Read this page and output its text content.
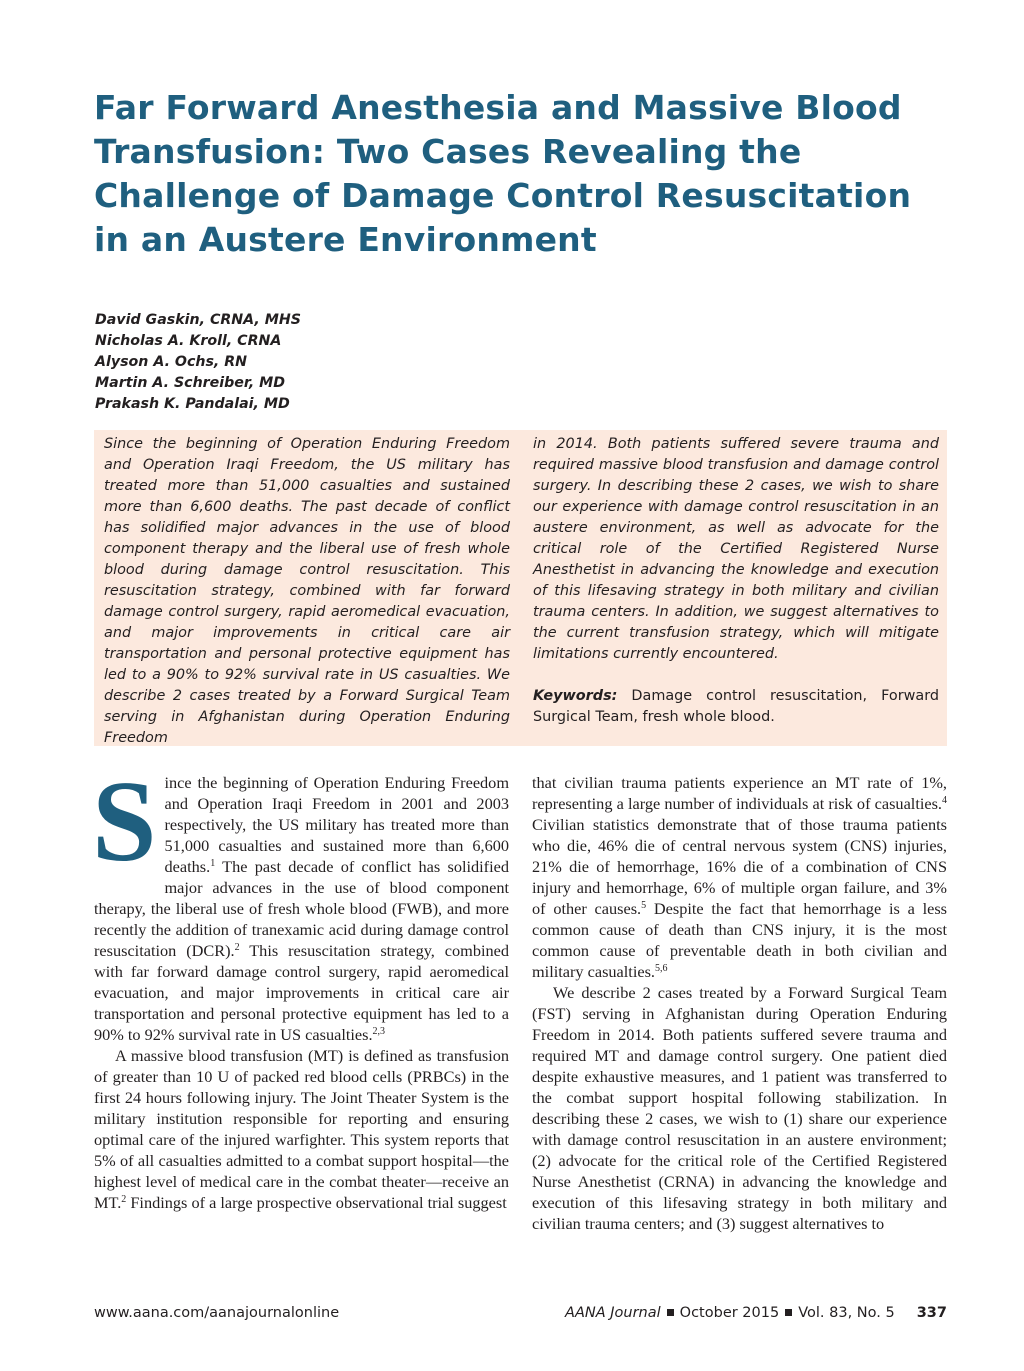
Far Forward Anesthesia and Massive Blood Transfusion: Two Cases Revealing the Challenge of Damage Control Resuscitation in an Austere Environment
David Gaskin, CRNA, MHS
Nicholas A. Kroll, CRNA
Alyson A. Ochs, RN
Martin A. Schreiber, MD
Prakash K. Pandalai, MD
Since the beginning of Operation Enduring Freedom and Operation Iraqi Freedom, the US military has treated more than 51,000 casualties and sustained more than 6,600 deaths. The past decade of conflict has solidified major advances in the use of blood component therapy and the liberal use of fresh whole blood during damage control resuscitation. This resuscitation strategy, combined with far forward damage control surgery, rapid aeromedical evacuation, and major improvements in critical care air transportation and personal protective equipment has led to a 90% to 92% survival rate in US casualties. We describe 2 cases treated by a Forward Surgical Team serving in Afghanistan during Operation Enduring Freedom
in 2014. Both patients suffered severe trauma and required massive blood transfusion and damage control surgery. In describing these 2 cases, we wish to share our experience with damage control resuscitation in an austere environment, as well as advocate for the critical role of the Certified Registered Nurse Anesthetist in advancing the knowledge and execution of this lifesaving strategy in both military and civilian trauma centers. In addition, we suggest alternatives to the current transfusion strategy, which will mitigate limitations currently encountered.
Keywords: Damage control resuscitation, Forward Surgical Team, fresh whole blood.

Since the beginning of Operation Enduring Freedom and Operation Iraqi Freedom in 2001 and 2003 respectively, the US military has treated more than 51,000 casualties and sustained more than 6,600 deaths.$^1$ The past decade of conflict has solidified major advances in the use of blood component therapy, the liberal use of fresh whole blood (FWB), and more recently the addition of tranexamic acid during damage control resuscitation (DCR).$^2$ This resuscitation strategy, combined with far forward damage control surgery, rapid aeromedical evacuation, and major improvements in critical care air transportation and personal protective equipment has led to a 90% to 92% survival rate in US casualties.$^{2,3}$

A massive blood transfusion (MT) is defined as transfusion of greater than 10 U of packed red blood cells (PRBCs) in the first 24 hours following injury. The Joint Theater System is the military institution responsible for reporting and ensuring optimal care of the injured warfighter. This system reports that 5% of all casualties admitted to a combat support hospital—the highest level of medical care in the combat theater—receive an MT.$^2$ Findings of a large prospective observational trial suggest

that civilian trauma patients experience an MT rate of 1%, representing a large number of individuals at risk of casualties.$^4$ Civilian statistics demonstrate that of those trauma patients who die, 46% die of central nervous system (CNS) injuries, 21% die of hemorrhage, 16% die of a combination of CNS injury and hemorrhage, 6% of multiple organ failure, and 3% of other causes.$^5$ Despite the fact that hemorrhage is a less common cause of death than CNS injury, it is the most common cause of preventable death in both civilian and military casualties.$^{5,6}$

We describe 2 cases treated by a Forward Surgical Team (FST) serving in Afghanistan during Operation Enduring Freedom in 2014. Both patients suffered severe trauma and required MT and damage control surgery. One patient died despite exhaustive measures, and 1 patient was transferred to the combat support hospital following stabilization. In describing these 2 cases, we wish to (1) share our experience with damage control resuscitation in an austere environment; (2) advocate for the critical role of the Certified Registered Nurse Anesthetist (CRNA) in advancing the knowledge and execution of this lifesaving strategy in both military and civilian trauma centers; and (3) suggest alternatives to

www.aana.com/aanajournalonline	AANA Journal October 2015 Vol. 83, No. 5 337
